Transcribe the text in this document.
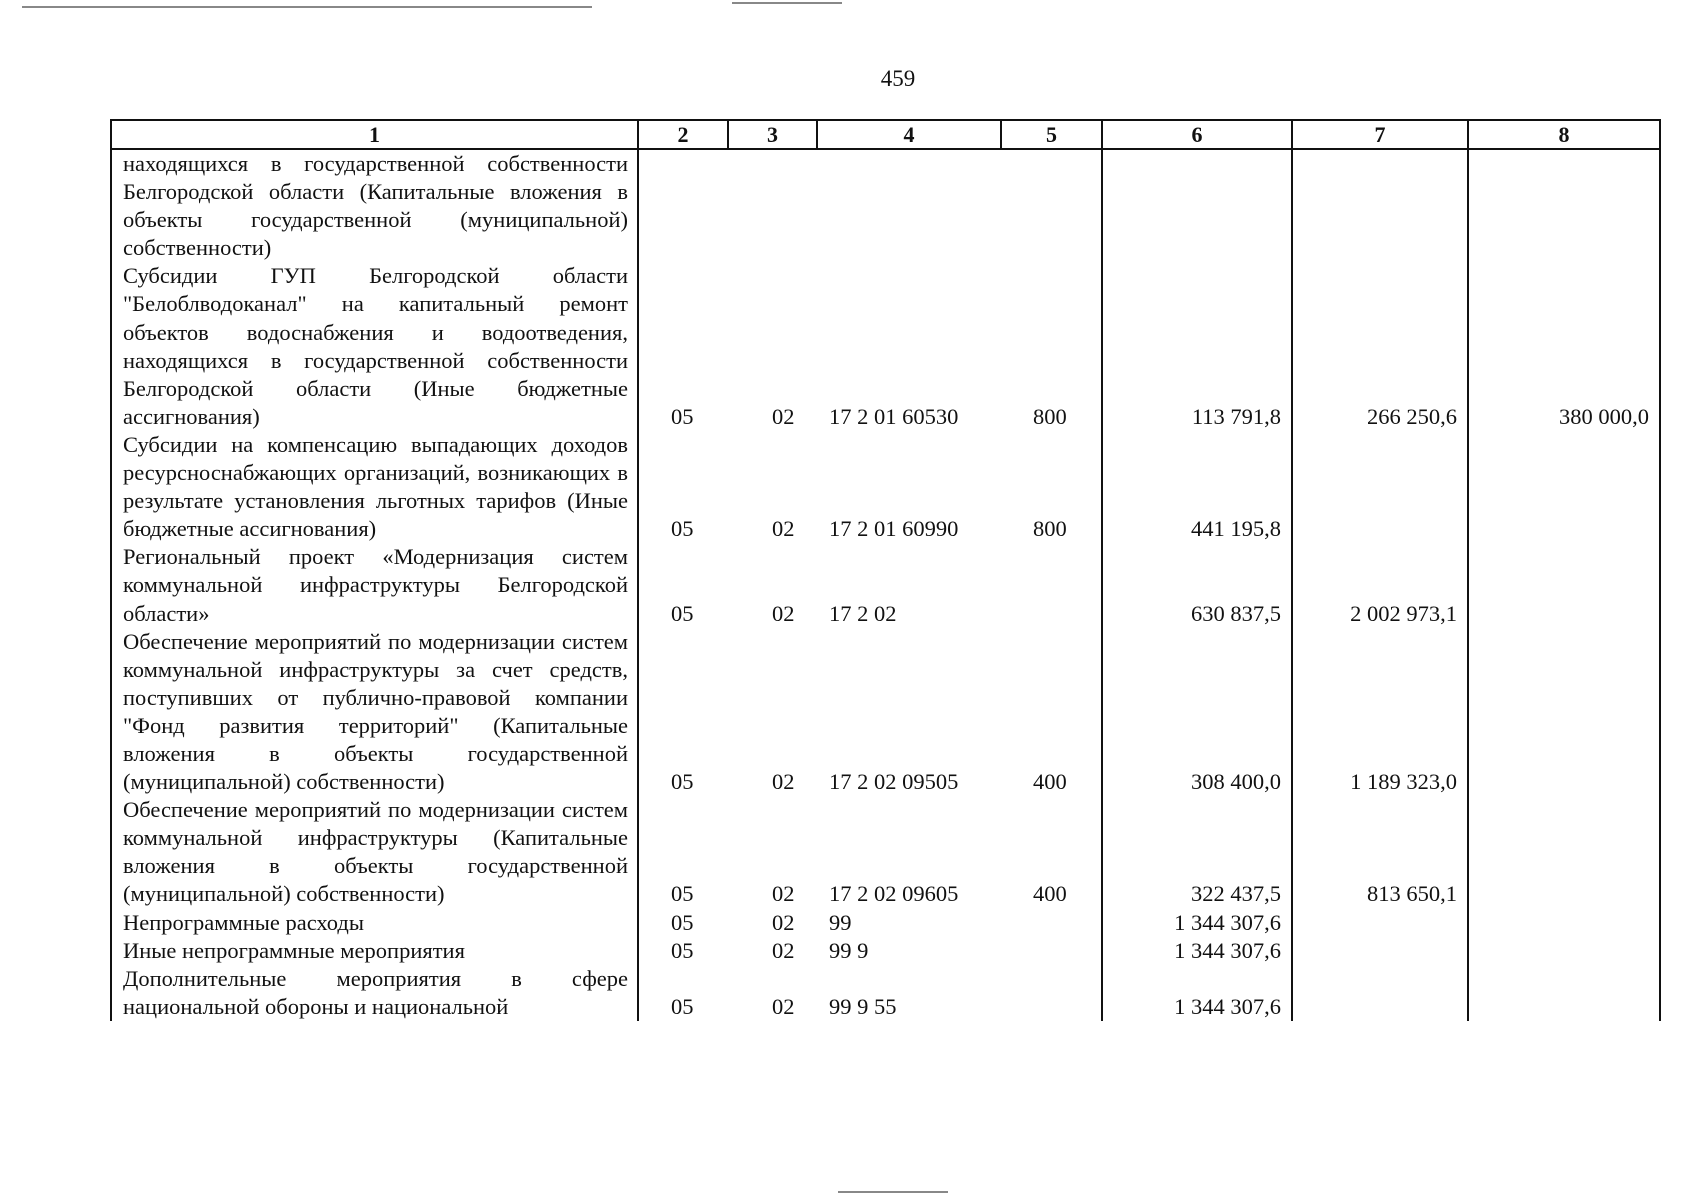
459
1	2	3	4	5	6	7	8
находящихся в государственной собственности Белгородской области (Капитальные вложения в объекты государственной (муниципальной) собственности)							
Субсидии ГУП Белгородской области "Белоблводоканал" на капитальный ремонт объектов водоснабжения и водоотведения, находящихся в государственной собственности Белгородской области (Иные бюджетные ассигнования)	05	02	17 2 01 60530	800	113 791,8	266 250,6	380 000,0
Субсидии на компенсацию выпадающих доходов ресурсноснабжающих организаций, возникающих в результате установления льготных тарифов (Иные бюджетные ассигнования)	05	02	17 2 01 60990	800	441 195,8		
Региональный проект «Модернизация систем коммунальной инфраструктуры Белгородской области»	05	02	17 2 02		630 837,5	2 002 973,1	
Обеспечение мероприятий по модернизации систем коммунальной инфраструктуры за счет средств, поступивших от публично-правовой компании "Фонд развития территорий" (Капитальные вложения в объекты государственной (муниципальной) собственности)	05	02	17 2 02 09505	400	308 400,0	1 189 323,0	
Обеспечение мероприятий по модернизации систем коммунальной инфраструктуры (Капитальные вложения в объекты государственной (муниципальной) собственности)	05	02	17 2 02 09605	400	322 437,5	813 650,1	
Непрограммные расходы	05	02	99		1 344 307,6		
Иные непрограммные мероприятия	05	02	99 9		1 344 307,6		
Дополнительные мероприятия в сфере национальной обороны и национальной	05	02	99 9 55		1 344 307,6		
